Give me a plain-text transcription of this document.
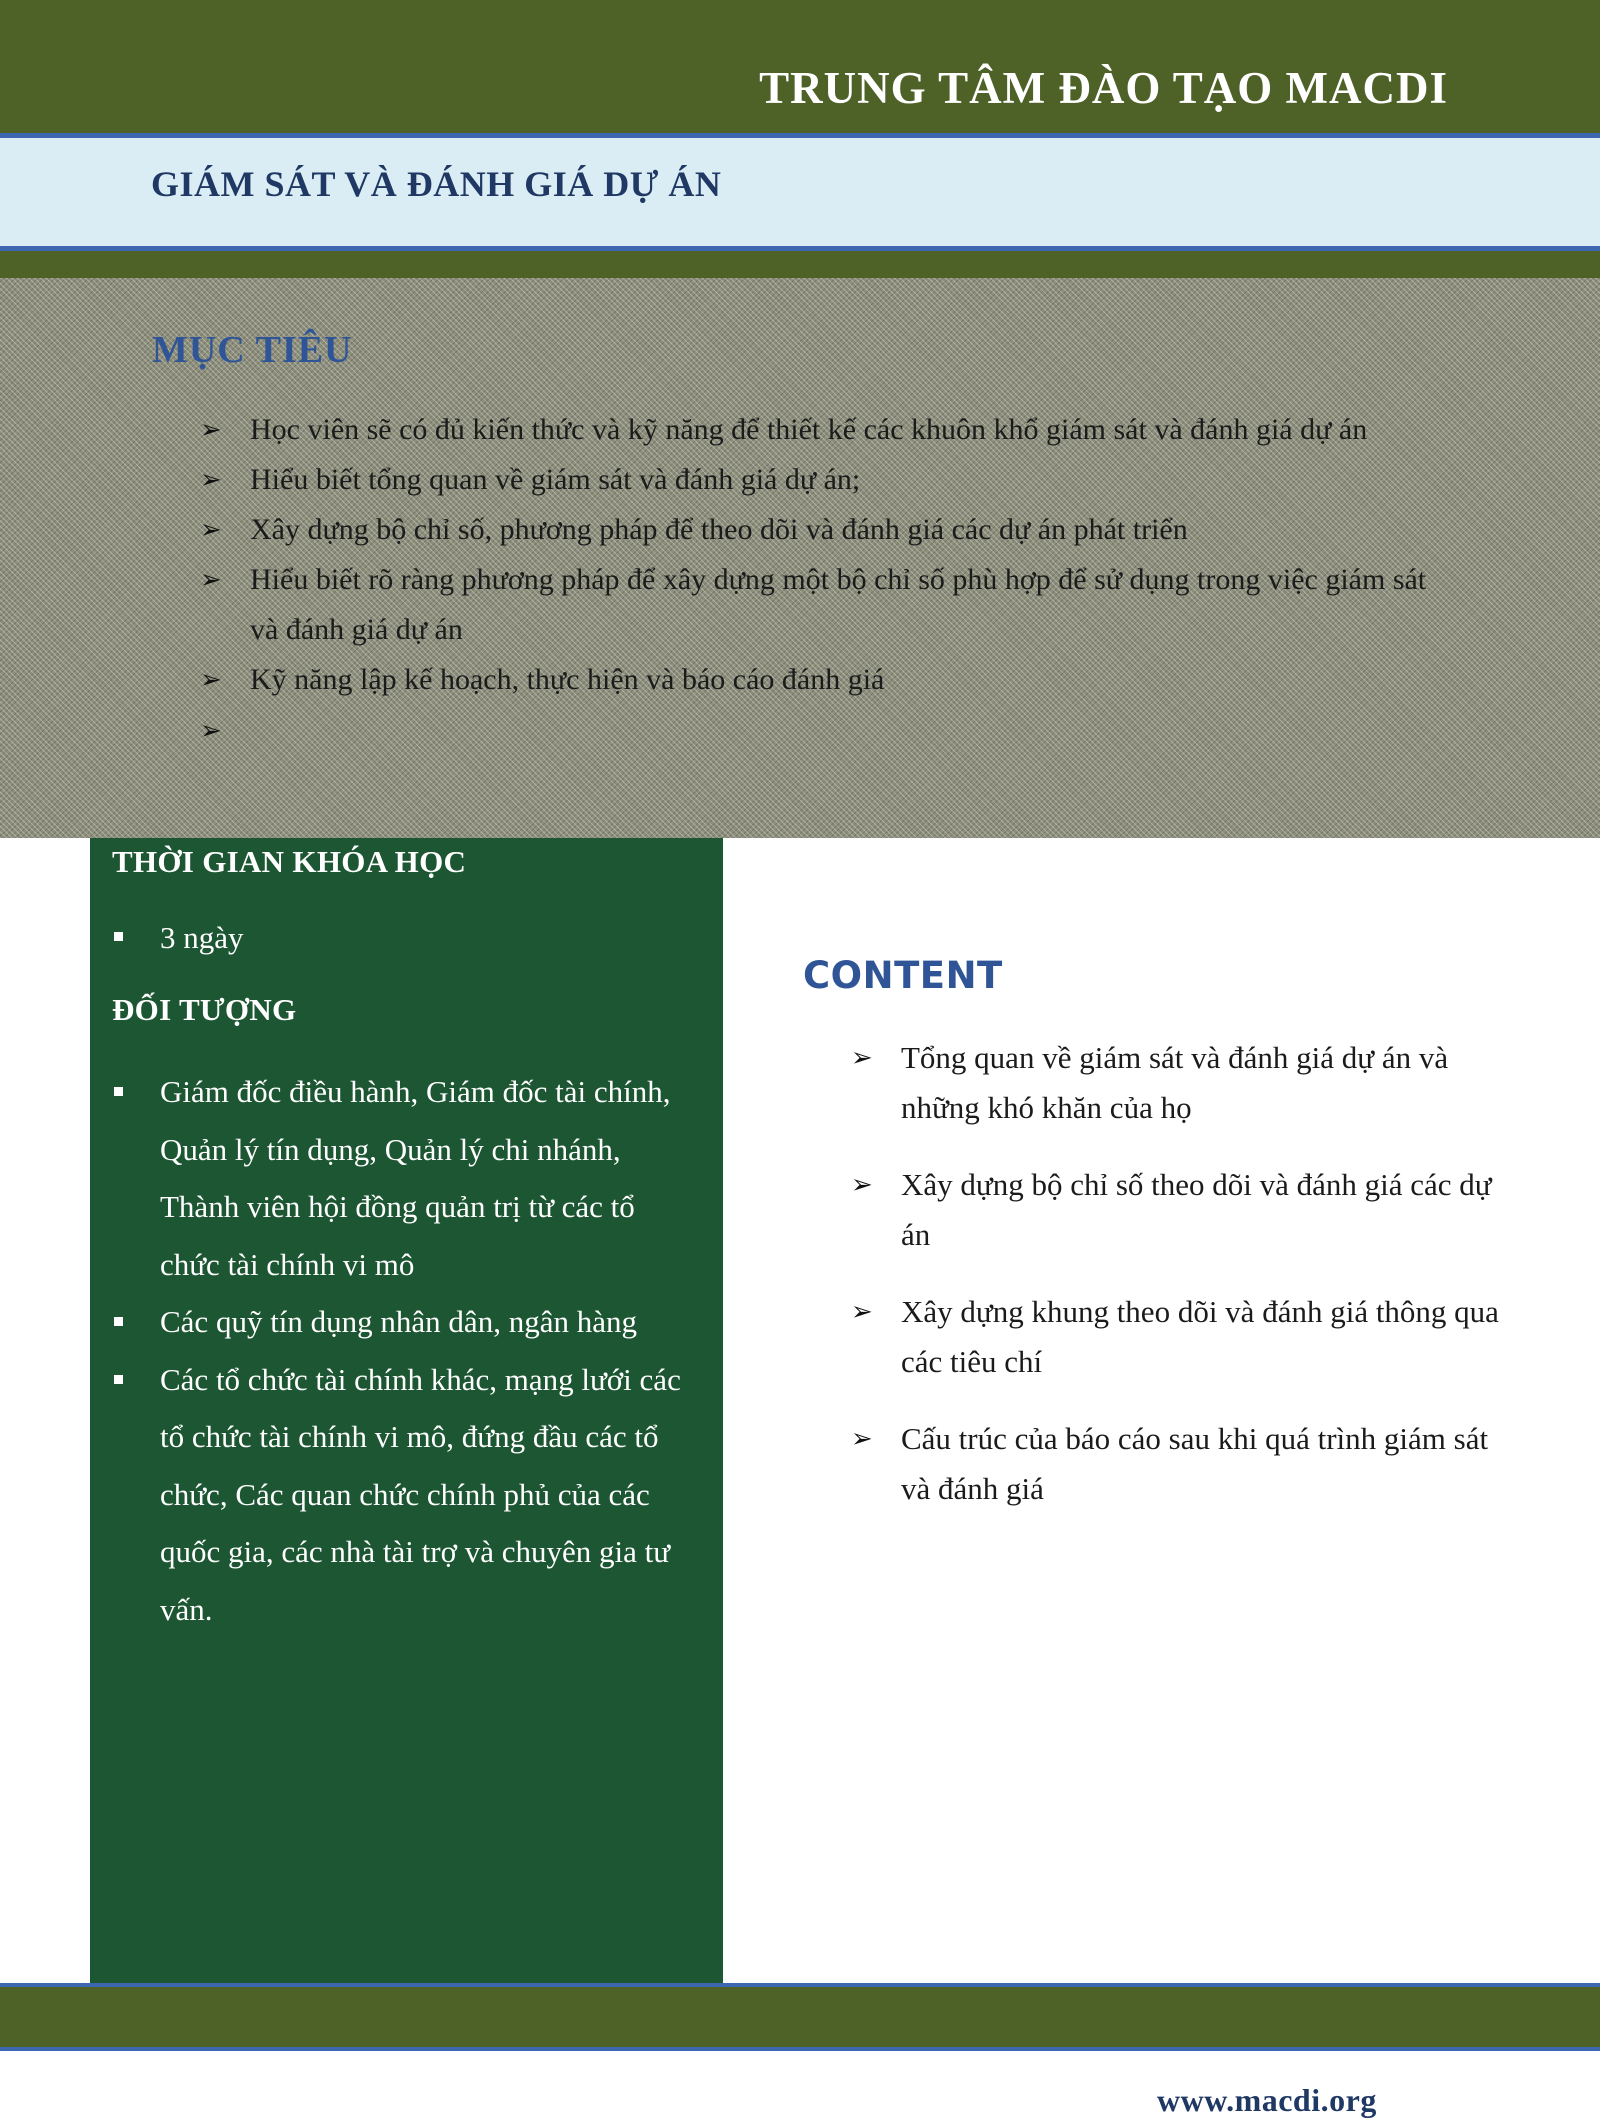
TRUNG TÂM ĐÀO TẠO MACDI
GIÁM SÁT VÀ ĐÁNH GIÁ DỰ ÁN
MỤC TIÊU
➢ Học viên sẽ có đủ kiến thức và kỹ năng để thiết kế các khuôn khổ giám sát và đánh giá dự án
➢ Hiểu biết tổng quan về giám sát và đánh giá dự án;
➢ Xây dựng bộ chỉ số, phương pháp để theo dõi và đánh giá các dự án phát triển
➢ Hiểu biết rõ ràng phương pháp để xây dựng một bộ chỉ số phù hợp để sử dụng trong việc giám sát và đánh giá dự án
➢ Kỹ năng lập kế hoạch, thực hiện và báo cáo đánh giá
➢

THỜI GIAN KHÓA HỌC
3 ngày
ĐỐI TƯỢNG
Giám đốc điều hành, Giám đốc tài chính, Quản lý tín dụng, Quản lý chi nhánh, Thành viên hội đồng quản trị từ các tổ chức tài chính vi mô
Các quỹ tín dụng nhân dân, ngân hàng
Các tổ chức tài chính khác, mạng lưới các tổ chức tài chính vi mô, đứng đầu các tổ chức, Các quan chức chính phủ của các quốc gia, các nhà tài trợ và chuyên gia tư vấn.
CONTENT
➢ Tổng quan về giám sát và đánh giá dự án và những khó khăn của họ
➢ Xây dựng bộ chỉ số theo dõi và đánh giá các dự án
➢ Xây dựng khung theo dõi và đánh giá thông qua các tiêu chí
➢ Cấu trúc của báo cáo sau khi quá trình giám sát và đánh giá
www.macdi.org
